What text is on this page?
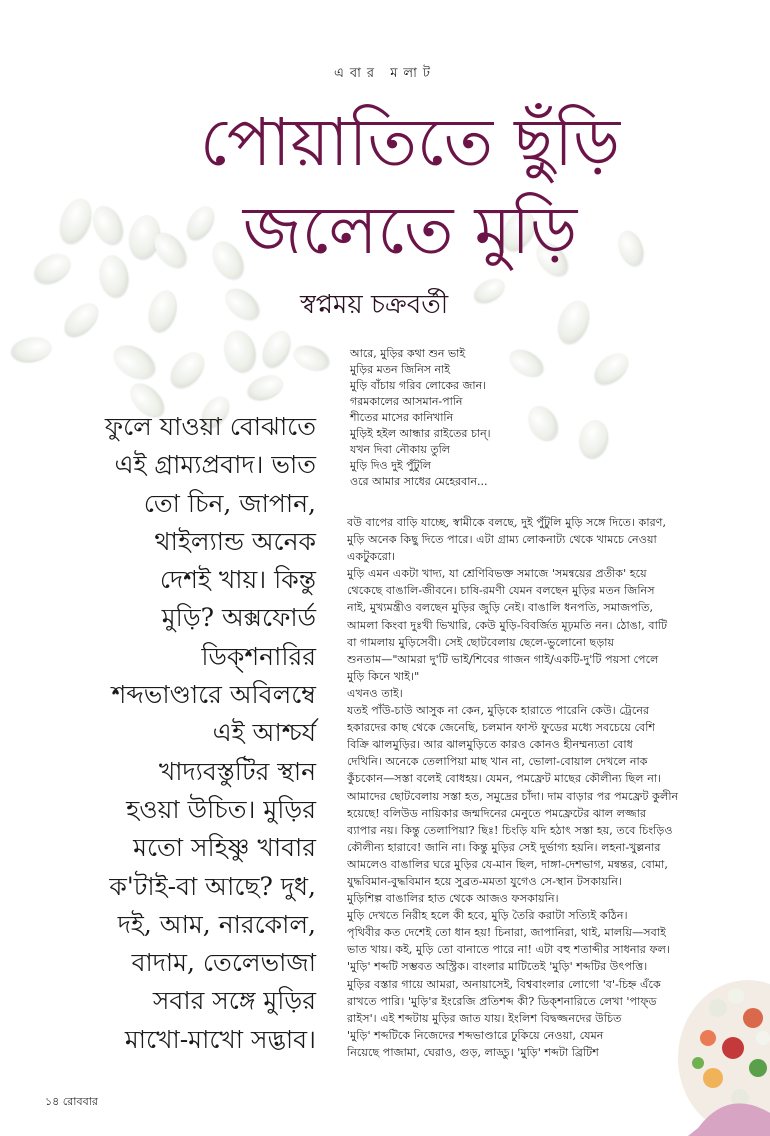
এবার মলাট
পোয়াতিতে ছুঁড়ি
জলেতে মুড়ি
স্বপ্নময় চক্রবর্তী
আরে, মুড়ির কথা শুন ভাই
মুড়ির মতন জিনিস নাই
মুড়ি বাঁচায় গরিব লোকের জান।
গরমকালের আসমান-পানি
শীতের মাসের কানিখানি
মুড়িই হইল আন্ধার রাইতের চান্।
যখন দিবা নৌকায় তুলি
মুড়ি দিও দুই পুঁটুলি
ওরে আমার সাধের মেহেরবান...
ফুলে যাওয়া বোঝাতে
এই গ্রাম্যপ্রবাদ। ভাত
তো চিন, জাপান,
থাইল্যান্ড অনেক
দেশই খায়। কিন্তু
মুড়ি? অক্সফোর্ড
ডিক্শনারির
শব্দভাণ্ডারে অবিলম্বে
এই আশ্চর্য
খাদ্যবস্তুটির স্থান
হওয়া উচিত। মুড়ির
মতো সহিষ্ণু খাবার
ক'টাই-বা আছে? দুধ,
দই, আম, নারকোল,
বাদাম, তেলেভাজা
সবার সঙ্গে মুড়ির
মাখো-মাখো সদ্ভাব।
বউ বাপের বাড়ি যাচ্ছে, স্বামীকে বলছে, দুই পুঁটুলি মুড়ি সঙ্গে দিতে। কারণ,
মুড়ি অনেক কিছু দিতে পারে। এটা গ্রাম্য লোকনাট্য থেকে খামচে নেওয়া
একটুকরো।
মুড়ি এমন একটা খাদ্য, যা শ্রেণিবিভক্ত সমাজে 'সমন্বয়ের প্রতীক' হয়ে
থেকেছে বাঙালি-জীবনে। চাষি-রমণী যেমন বলছেন মুড়ির মতন জিনিস
নাই, মুখ্যমন্ত্রীও বলছেন মুড়ির জুড়ি নেই। বাঙালি ধনপতি, সমাজপতি,
আমলা কিংবা দুঃখী ভিখারি, কেউ মুড়ি-বিবর্জিত মূঢ়মতি নন। ঠোঙা, বাটি
বা গামলায় মুড়িসেবী। সেই ছোটবেলায় ছেলে-ভুলোনো ছড়ায়
শুনতাম—"আমরা দু'টি ভাই/শিবের গাজন গাই/একটি-দু'টি পয়সা পেলে
মুড়ি কিনে খাই।"
এখনও তাই।
যতই পাঁউ-চাউ আসুক না কেন, মুড়িকে হারাতে পারেনি কেউ। ট্রেনের
হকারদের কাছ থেকে জেনেছি, চলমান ফাস্ট ফুডের মধ্যে সবচেয়ে বেশি
বিক্রি ঝালমুড়ির। আর ঝালমুড়িতে কারও কোনও হীনম্মন্যতা বোধ
দেখিনি। অনেকে তেলাপিয়া মাছ খান না, ভোলা-বোয়াল দেখলে নাক
কুঁচকোন—সস্তা বলেই বোধহয়। যেমন, পমফ্রেট মাছের কৌলীন্য ছিল না।
আমাদের ছোটবেলায় সস্তা হত, সমুদ্রের চাঁদা। দাম বাড়ার পর পমফ্রেট কুলীন
হয়েছে! বলিউড নায়িকার জন্মদিনের মেনুতে পমফ্রেটের ঝাল লজ্জার
ব্যাপার নয়। কিন্তু তেলাপিয়া? ছিঃ! চিংড়ি যদি হঠাৎ সস্তা হয়, তবে চিংড়িও
কৌলীন্য হারাবে! জানি না। কিন্তু মুড়ির সেই দুর্ভাগ্য হয়নি। লহনা-খুল্লনার
আমলেও বাঙালির ঘরে মুড়ির যে-মান ছিল, দাঙ্গা-দেশভাগ, মন্বন্তর, বোমা,
যুদ্ধবিমান-বুদ্ধবিমান হয়ে সুব্রত-মমতা যুগেও সে-স্থান টসকায়নি।
মুড়িশিল্প বাঙালির হাত থেকে আজও ফসকায়নি।
মুড়ি দেখতে নিরীহ হলে কী হবে, মুড়ি তৈরি করাটা সত্যিই কঠিন।
পৃথিবীর কত দেশেই তো ধান হয়! চিনারা, জাপানিরা, থাই, মালয়ি—সবাই
ভাত খায়। কই, মুড়ি তো বানাতে পারে না! এটা বহু শতাব্দীর সাধনার ফল।
'মুড়ি' শব্দটি সম্ভবত অস্ট্রিক। বাংলার মাটিতেই 'মুড়ি' শব্দটির উৎপত্তি।
মুড়ির বস্তার গায়ে আমরা, অনায়াসেই, বিশ্ববাংলার লোগো 'ব'-চিহ্ন এঁকে
রাখতে পারি। 'মুড়ি'র ইংরেজি প্রতিশব্দ কী? ডিক্শনারিতে লেখা 'পাফ্ড
রাইস'। এই শব্দটায় মুড়ির জাত যায়। ইংলিশ বিদ্বজ্জনদের উচিত
'মুড়ি' শব্দটিকে নিজেদের শব্দভাণ্ডারে ঢুকিয়ে নেওয়া, যেমন
নিয়েছে পাজামা, ঘেরাও, গুড়, লাড্ডু। 'মুড়ি' শব্দটা ব্রিটিশ
১৪ রোববার
